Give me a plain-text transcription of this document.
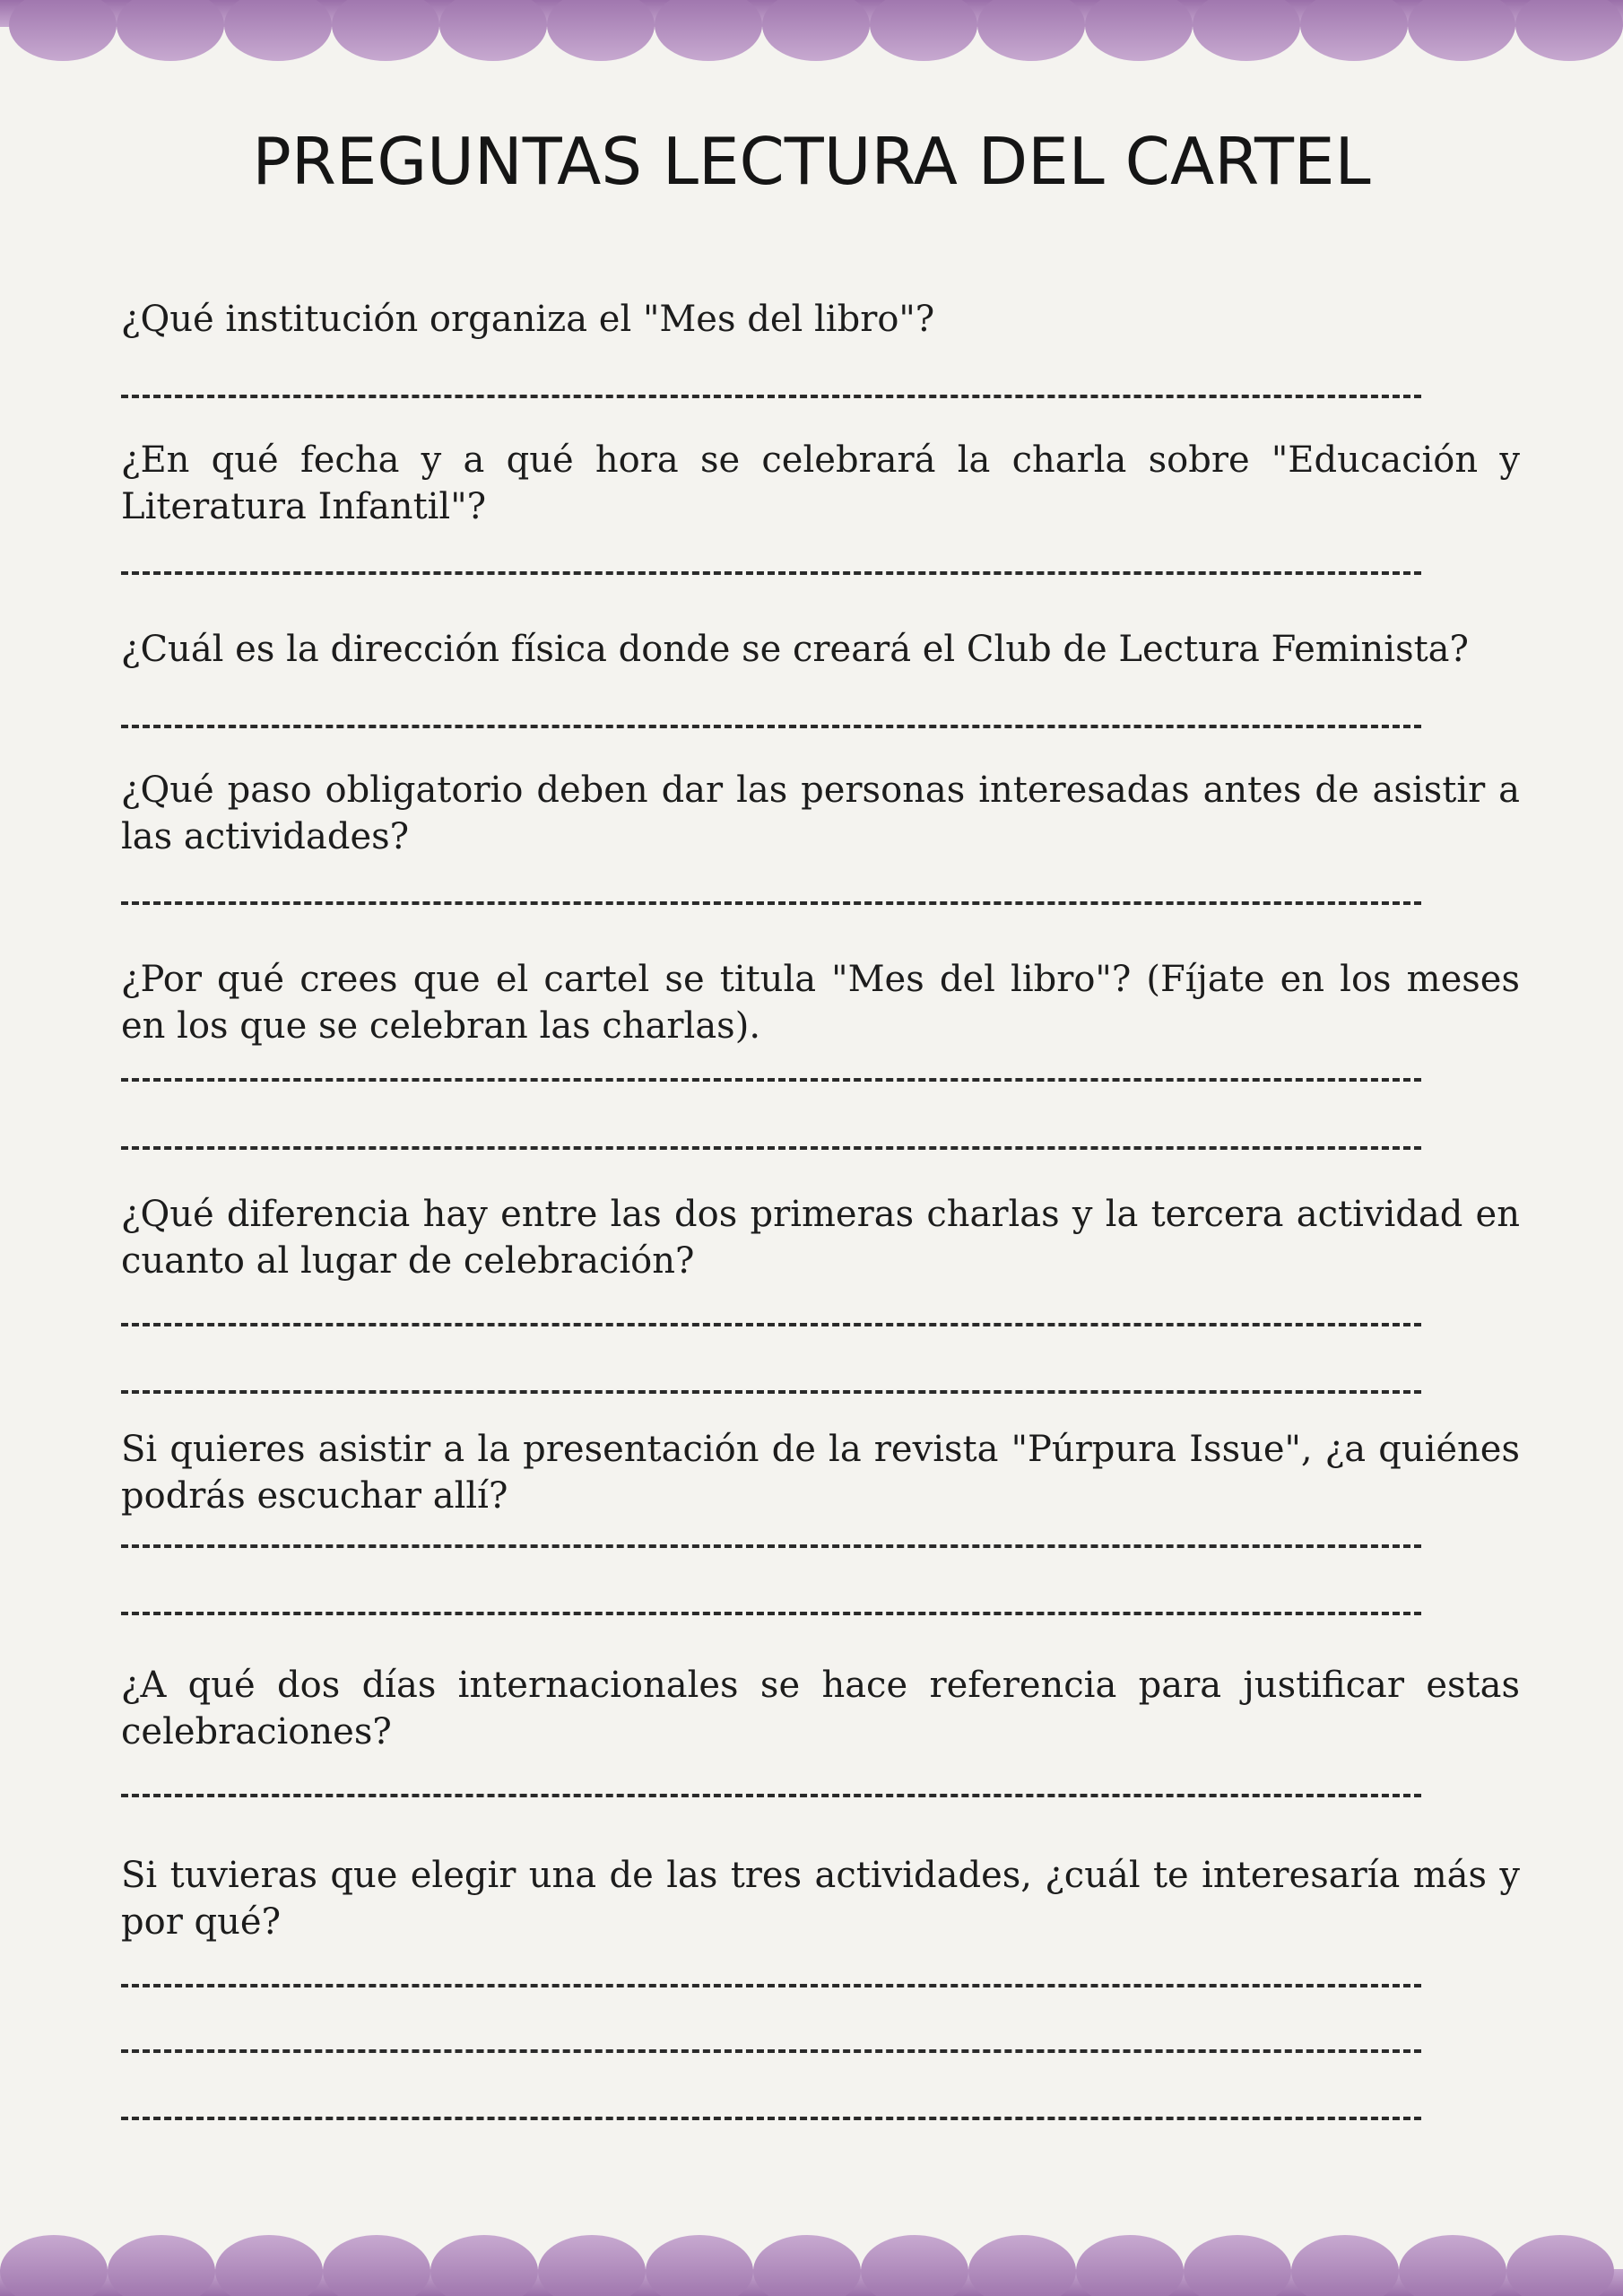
PREGUNTAS LECTURA DEL CARTEL

¿Qué institución organiza el "Mes del libro"?

¿En qué fecha y a qué hora se celebrará la charla sobre "Educación y Literatura Infantil"?

¿Cuál es la dirección física donde se creará el Club de Lectura Feminista?

¿Qué paso obligatorio deben dar las personas interesadas antes de asistir a las actividades?

¿Por qué crees que el cartel se titula "Mes del libro"? (Fíjate en los meses en los que se celebran las charlas).

¿Qué diferencia hay entre las dos primeras charlas y la tercera actividad en cuanto al lugar de celebración?

Si quieres asistir a la presentación de la revista "Púrpura Issue", ¿a quiénes podrás escuchar allí?

¿A qué dos días internacionales se hace referencia para justificar estas celebraciones?

Si tuvieras que elegir una de las tres actividades, ¿cuál te interesaría más y por qué?
